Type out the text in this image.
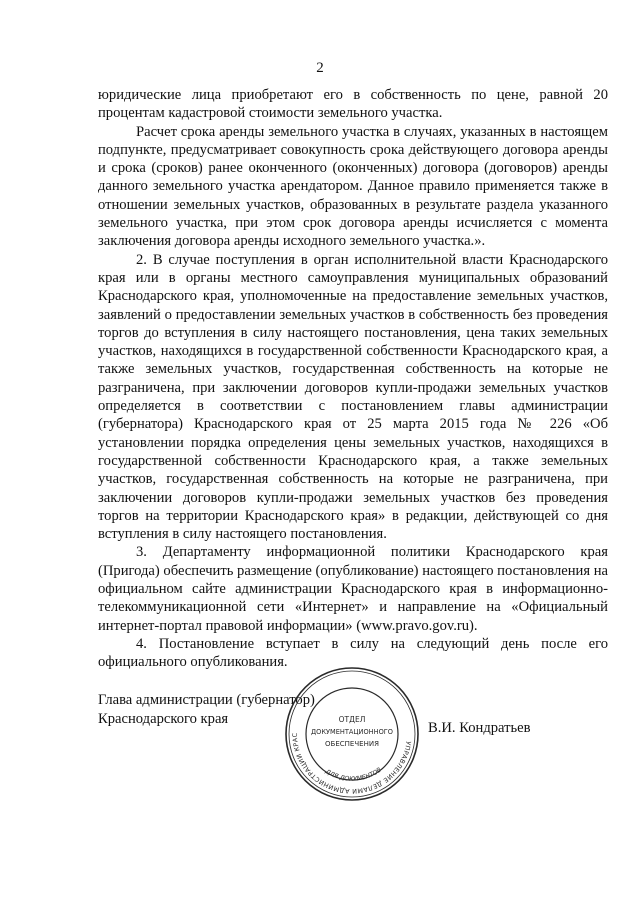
2

юридические лица приобретают его в собственность по цене, равной 20 процентам кадастровой стоимости земельного участка.

Расчет срока аренды земельного участка в случаях, указанных в настоящем подпункте, предусматривает совокупность срока действующего договора аренды и срока (сроков) ранее оконченного (оконченных) договора (договоров) аренды данного земельного участка арендатором. Данное правило применяется также в отношении земельных участков, образованных в результате раздела указанного земельного участка, при этом срок договора аренды исчисляется с момента заключения договора аренды исходного земельного участка.».

2. В случае поступления в орган исполнительной власти Краснодарского края или в органы местного самоуправления муниципальных образований Краснодарского края, уполномоченные на предоставление земельных участков, заявлений о предоставлении земельных участков в собственность без проведения торгов до вступления в силу настоящего постановления, цена таких земельных участков, находящихся в государственной собственности Краснодарского края, а также земельных участков, государственная собственность на которые не разграничена, при заключении договоров купли-продажи земельных участков определяется в соответствии с постановлением главы администрации (губернатора) Краснодарского края от 25 марта 2015 года № 226 «Об установлении порядка определения цены земельных участков, находящихся в государственной собственности Краснодарского края, а также земельных участков, государственная собственность на которые не разграничена, при заключении договоров купли-продажи земельных участков без проведения торгов на территории Краснодарского края» в редакции, действующей со дня вступления в силу настоящего постановления.

3. Департаменту информационной политики Краснодарского края (Пригода) обеспечить размещение (опубликование) настоящего постановления на официальном сайте администрации Краснодарского края в информационно-телекоммуникационной сети «Интернет» и направление на «Официальный интернет-портал правовой информации» (www.pravo.gov.ru).

4. Постановление вступает в силу на следующий день после его официального опубликования.

Глава администрации (губернатор)
Краснодарского края
УПРАВЛЕНИЕ ДЕЛАМИ АДМИНИСТРАЦИИ КРАС
ДЛЯ ДОКУМЕНТОВ
ОТДЕЛ
ДОКУМЕНТАЦИОННОГО
ОБЕСПЕЧЕНИЯ
В.И. Кондратьев
